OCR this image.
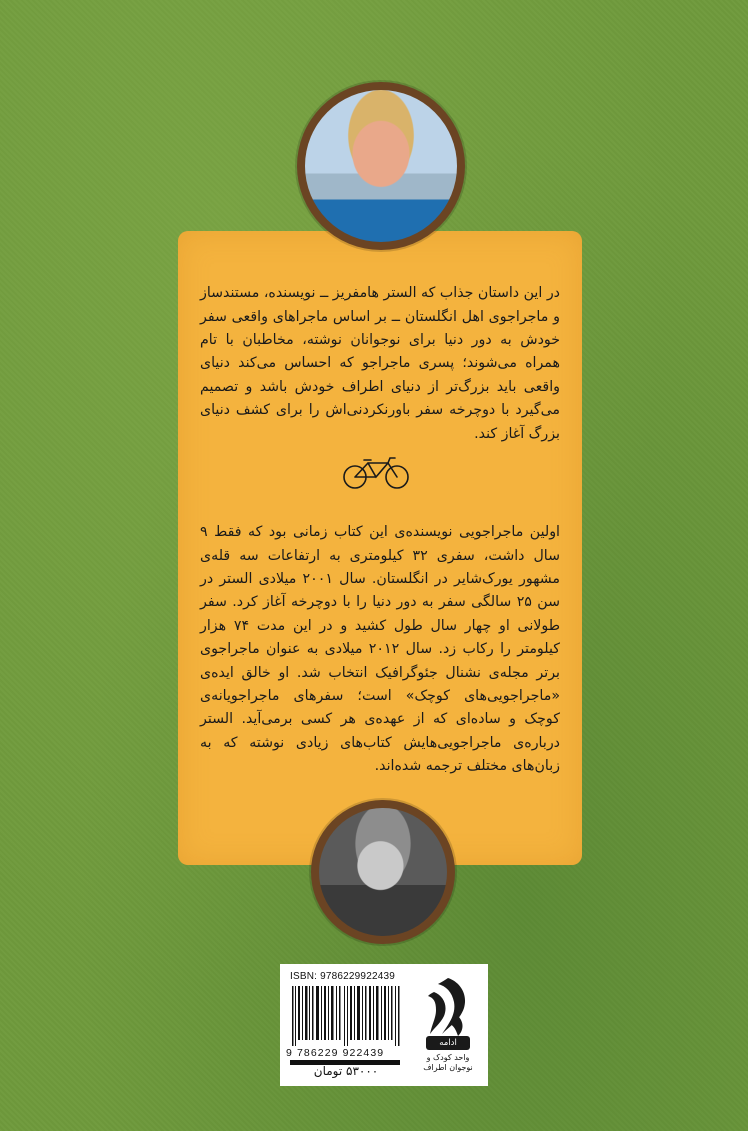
در این داستان جذاب که الستر هامفریز ــ نویسنده، مستندساز و ماجراجوی اهل انگلستان ــ بر اساس ماجراهای واقعی سفر خودش به دور دنیا برای نوجوانان نوشته، مخاطبان با تام همراه می‌شوند؛ پسری ماجراجو که احساس می‌کند دنیای واقعی باید بزرگ‌تر از دنیای اطراف خودش باشد و تصمیم می‌گیرد با دوچرخه سفر باورنکردنی‌اش را برای کشف دنیای بزرگ آغاز کند.

اولین ماجراجویی نویسنده‌ی این کتاب زمانی بود که فقط ۹ سال داشت، سفری ۳۲ کیلومتری به ارتفاعات سه قله‌ی مشهور یورک‌شایر در انگلستان. سال ۲۰۰۱ میلادی الستر در سن ۲۵ سالگی سفر به دور دنیا را با دوچرخه آغاز کرد. سفر طولانی او چهار سال طول کشید و در این مدت ۷۴ هزار کیلومتر را رکاب زد. سال ۲۰۱۲ میلادی به عنوان ماجراجوی برتر مجله‌ی نشنال جئوگرافیک انتخاب شد. او خالق ایده‌ی «ماجراجویی‌های کوچک» است؛ سفرهای ماجراجویانه‌ی کوچک و ساده‌ای که از عهده‌ی هر کسی برمی‌آید. الستر درباره‌ی ماجراجویی‌هایش کتاب‌های زیادی نوشته که به زبان‌های مختلف ترجمه شده‌اند.

ISBN: 9786229922439
9 786229 922439
۵۳۰۰۰ تومان
ادامه
واحد کودک و
نوجوان اطراف
